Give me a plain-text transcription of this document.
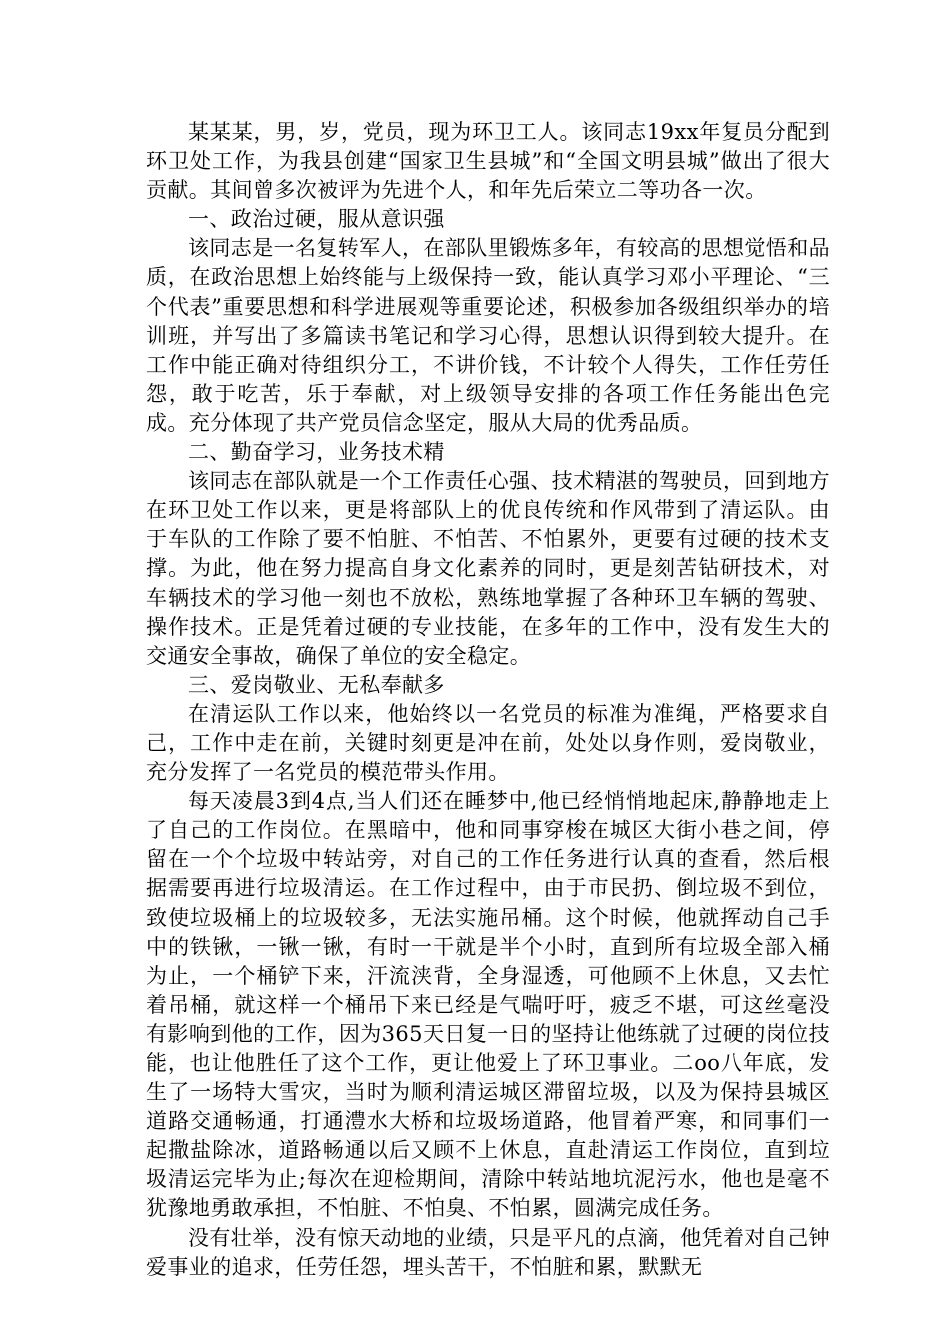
某某某，男，岁，党员，现为环卫工人。该同志19xx年复员分配到环卫处工作，为我县创建“国家卫生县城”和“全国文明县城”做出了很大贡献。其间曾多次被评为先进个人，和年先后荣立二等功各一次。

一、政治过硬，服从意识强

该同志是一名复转军人，在部队里锻炼多年，有较高的思想觉悟和品质，在政治思想上始终能与上级保持一致，能认真学习邓小平理论、“三个代表”重要思想和科学进展观等重要论述，积极参加各级组织举办的培训班，并写出了多篇读书笔记和学习心得，思想认识得到较大提升。在工作中能正确对待组织分工，不讲价钱，不计较个人得失，工作任劳任怨，敢于吃苦，乐于奉献，对上级领导安排的各项工作任务能出色完成。充分体现了共产党员信念坚定，服从大局的优秀品质。

二、勤奋学习，业务技术精

该同志在部队就是一个工作责任心强、技术精湛的驾驶员，回到地方在环卫处工作以来，更是将部队上的优良传统和作风带到了清运队。由于车队的工作除了要不怕脏、不怕苦、不怕累外，更要有过硬的技术支撑。为此，他在努力提高自身文化素养的同时，更是刻苦钻研技术，对车辆技术的学习他一刻也不放松，熟练地掌握了各种环卫车辆的驾驶、操作技术。正是凭着过硬的专业技能，在多年的工作中，没有发生大的交通安全事故，确保了单位的安全稳定。

三、爱岗敬业、无私奉献多

在清运队工作以来，他始终以一名党员的标准为准绳，严格要求自己，工作中走在前，关键时刻更是冲在前，处处以身作则，爱岗敬业，充分发挥了一名党员的模范带头作用。

每天凌晨3到4点,当人们还在睡梦中,他已经悄悄地起床,静静地走上了自己的工作岗位。在黑暗中，他和同事穿梭在城区大街小巷之间，停留在一个个垃圾中转站旁，对自己的工作任务进行认真的查看，然后根据需要再进行垃圾清运。在工作过程中，由于市民扔、倒垃圾不到位，致使垃圾桶上的垃圾较多，无法实施吊桶。这个时候，他就挥动自己手中的铁锹，一锹一锹，有时一干就是半个小时，直到所有垃圾全部入桶为止，一个桶铲下来，汗流浃背，全身湿透，可他顾不上休息，又去忙着吊桶，就这样一个桶吊下来已经是气喘吁吁，疲乏不堪，可这丝毫没有影响到他的工作，因为365天日复一日的坚持让他练就了过硬的岗位技能，也让他胜任了这个工作，更让他爱上了环卫事业。二oo八年底，发生了一场特大雪灾，当时为顺利清运城区滞留垃圾，以及为保持县城区道路交通畅通，打通澧水大桥和垃圾场道路，他冒着严寒，和同事们一起撒盐除冰，道路畅通以后又顾不上休息，直赴清运工作岗位，直到垃圾清运完毕为止;每次在迎检期间，清除中转站地坑泥污水，他也是毫不犹豫地勇敢承担，不怕脏、不怕臭、不怕累，圆满完成任务。

没有壮举，没有惊天动地的业绩，只是平凡的点滴，他凭着对自己钟爱事业的追求，任劳任怨，埋头苦干，不怕脏和累，默默无
